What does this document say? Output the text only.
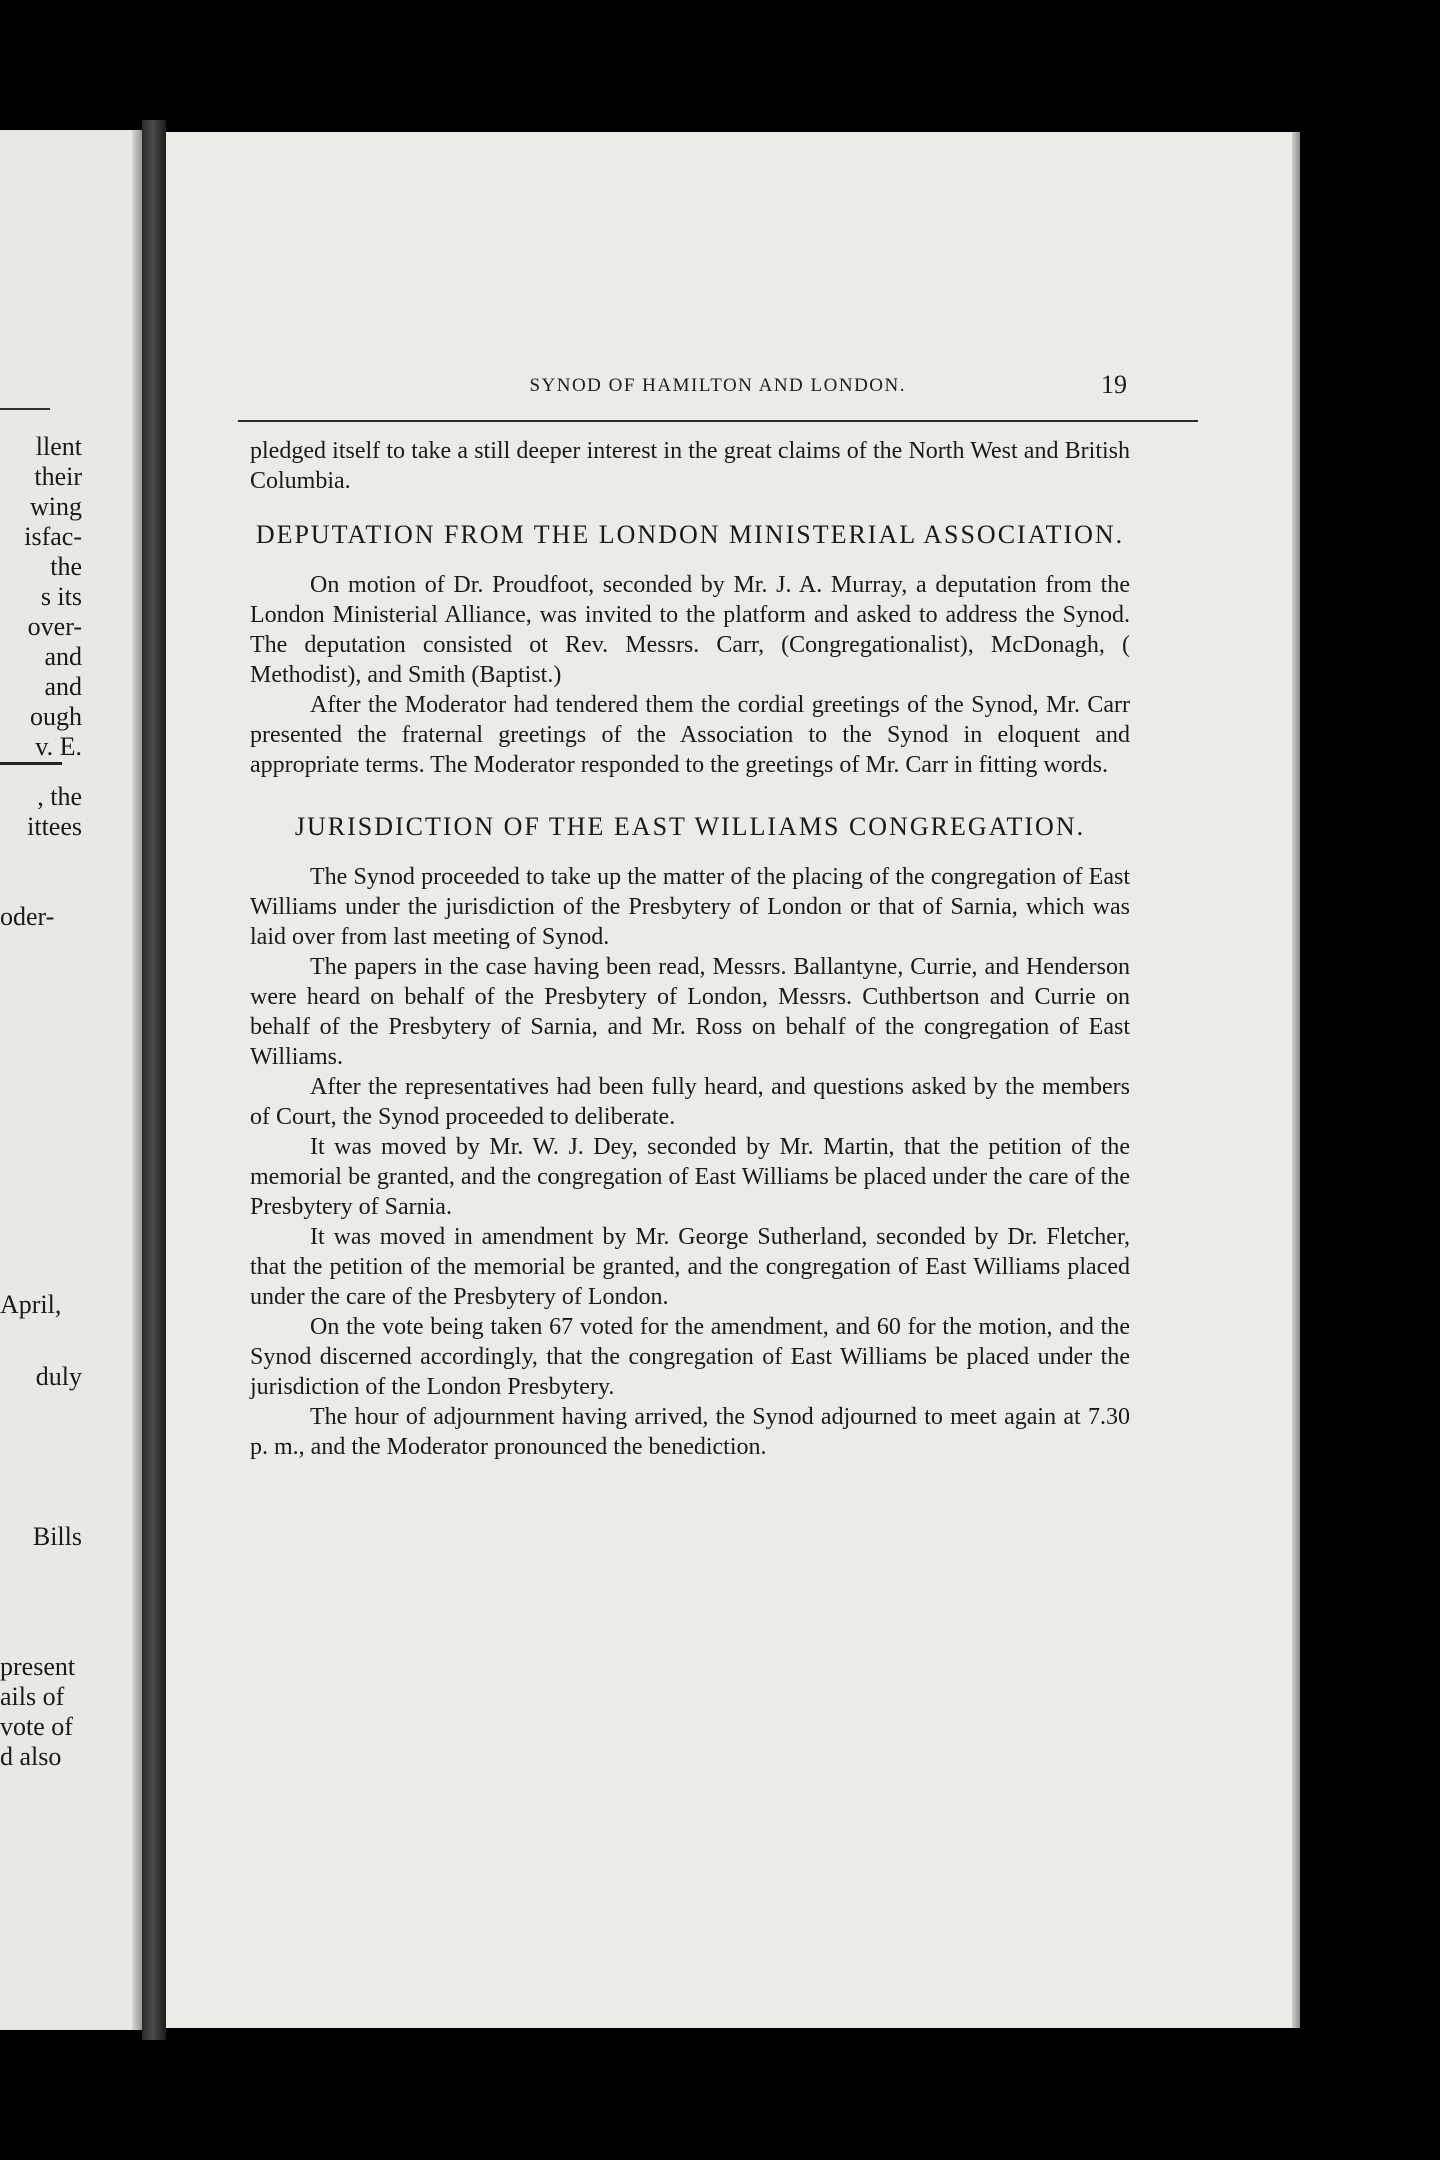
llent
their
wing
isfac-
the
s its
over-
and
and
ough
v. E.
, the
ittees
oder-
April,
duly
Bills
present
ails of
vote of
d also
SYNOD OF HAMILTON AND LONDON.	19

pledged itself to take a still deeper interest in the great claims of the North West and British Columbia.

DEPUTATION FROM THE LONDON MINISTERIAL ASSOCIATION.

On motion of Dr. Proudfoot, seconded by Mr. J. A. Murray, a deputation from the London Ministerial Alliance, was invited to the platform and asked to address the Synod. The deputation consisted ot Rev. Messrs. Carr, (Congregationalist), McDonagh, ( Methodist), and Smith (Baptist.)

After the Moderator had tendered them the cordial greetings of the Synod, Mr. Carr presented the fraternal greetings of the Association to the Synod in eloquent and appropriate terms. The Moderator responded to the greetings of Mr. Carr in fitting words.

JURISDICTION OF THE EAST WILLIAMS CONGREGATION.

The Synod proceeded to take up the matter of the placing of the congregation of East Williams under the jurisdiction of the Presbytery of London or that of Sarnia, which was laid over from last meeting of Synod.

The papers in the case having been read, Messrs. Ballantyne, Currie, and Henderson were heard on behalf of the Presbytery of London, Messrs. Cuthbertson and Currie on behalf of the Presbytery of Sarnia, and Mr. Ross on behalf of the congregation of East Williams.

After the representatives had been fully heard, and questions asked by the members of Court, the Synod proceeded to deliberate.

It was moved by Mr. W. J. Dey, seconded by Mr. Martin, that the petition of the memorial be granted, and the congregation of East Williams be placed under the care of the Presbytery of Sarnia.

It was moved in amendment by Mr. George Sutherland, seconded by Dr. Fletcher, that the petition of the memorial be granted, and the congregation of East Williams placed under the care of the Presbytery of London.

On the vote being taken 67 voted for the amendment, and 60 for the motion, and the Synod discerned accordingly, that the congregation of East Williams be placed under the jurisdiction of the London Presbytery.

The hour of adjournment having arrived, the Synod adjourned to meet again at 7.30 p. m., and the Moderator pronounced the benediction.
